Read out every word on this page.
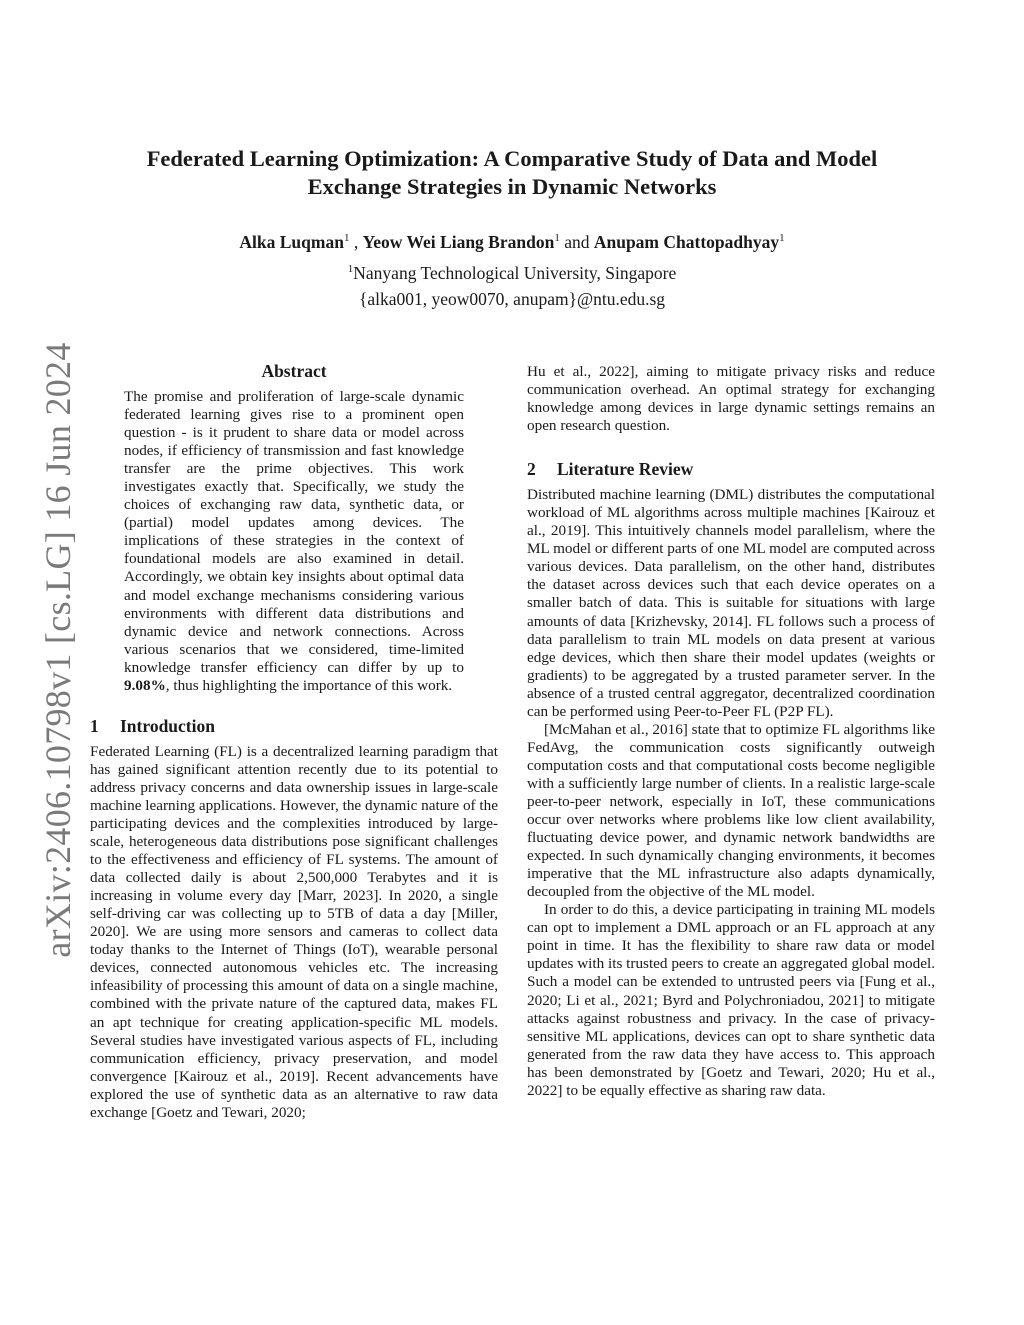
arXiv:2406.10798v1 [cs.LG] 16 Jun 2024
Federated Learning Optimization: A Comparative Study of Data and Model
Exchange Strategies in Dynamic Networks
Alka Luqman$^1$ , Yeow Wei Liang Brandon$^1$ and Anupam Chattopadhyay$^1$
$^1$Nanyang Technological University, Singapore
{alka001, yeow0070, anupam}@ntu.edu.sg
Abstract

The promise and proliferation of large-scale dynamic federated learning gives rise to a prominent open question - is it prudent to share data or model across nodes, if efficiency of transmission and fast knowledge transfer are the prime objectives. This work investigates exactly that. Specifically, we study the choices of exchanging raw data, synthetic data, or (partial) model updates among devices. The implications of these strategies in the context of foundational models are also examined in detail. Accordingly, we obtain key insights about optimal data and model exchange mechanisms considering various environments with different data distributions and dynamic device and network connections. Across various scenarios that we considered, time-limited knowledge transfer efficiency can differ by up to 9.08%, thus highlighting the importance of this work.

1 Introduction

Federated Learning (FL) is a decentralized learning paradigm that has gained significant attention recently due to its potential to address privacy concerns and data ownership issues in large-scale machine learning applications. However, the dynamic nature of the participating devices and the complexities introduced by large-scale, heterogeneous data distributions pose significant challenges to the effectiveness and efficiency of FL systems. The amount of data collected daily is about 2,500,000 Terabytes and it is increasing in volume every day [Marr, 2023]. In 2020, a single self-driving car was collecting up to 5TB of data a day [Miller, 2020]. We are using more sensors and cameras to collect data today thanks to the Internet of Things (IoT), wearable personal devices, connected autonomous vehicles etc. The increasing infeasibility of processing this amount of data on a single machine, combined with the private nature of the captured data, makes FL an apt technique for creating application-specific ML models. Several studies have investigated various aspects of FL, including communication efficiency, privacy preservation, and model convergence [Kairouz et al., 2019]. Recent advancements have explored the use of synthetic data as an alternative to raw data exchange [Goetz and Tewari, 2020;

Hu et al., 2022], aiming to mitigate privacy risks and reduce communication overhead. An optimal strategy for exchanging knowledge among devices in large dynamic settings remains an open research question.

2 Literature Review

Distributed machine learning (DML) distributes the computational workload of ML algorithms across multiple machines [Kairouz et al., 2019]. This intuitively channels model parallelism, where the ML model or different parts of one ML model are computed across various devices. Data parallelism, on the other hand, distributes the dataset across devices such that each device operates on a smaller batch of data. This is suitable for situations with large amounts of data [Krizhevsky, 2014]. FL follows such a process of data parallelism to train ML models on data present at various edge devices, which then share their model updates (weights or gradients) to be aggregated by a trusted parameter server. In the absence of a trusted central aggregator, decentralized coordination can be performed using Peer-to-Peer FL (P2P FL).

[McMahan et al., 2016] state that to optimize FL algorithms like FedAvg, the communication costs significantly outweigh computation costs and that computational costs become negligible with a sufficiently large number of clients. In a realistic large-scale peer-to-peer network, especially in IoT, these communications occur over networks where problems like low client availability, fluctuating device power, and dynamic network bandwidths are expected. In such dynamically changing environments, it becomes imperative that the ML infrastructure also adapts dynamically, decoupled from the objective of the ML model.

In order to do this, a device participating in training ML models can opt to implement a DML approach or an FL approach at any point in time. It has the flexibility to share raw data or model updates with its trusted peers to create an aggregated global model. Such a model can be extended to untrusted peers via [Fung et al., 2020; Li et al., 2021; Byrd and Polychroniadou, 2021] to mitigate attacks against robustness and privacy. In the case of privacy-sensitive ML applications, devices can opt to share synthetic data generated from the raw data they have access to. This approach has been demonstrated by [Goetz and Tewari, 2020; Hu et al., 2022] to be equally effective as sharing raw data.
